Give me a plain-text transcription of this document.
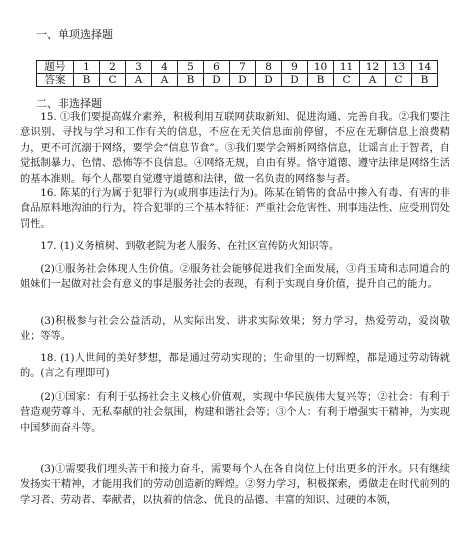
一、单项选择题
题号	1	2	3	4	5	6	7	8	9	10	11	12	13	14
答案	B	C	A	A	B	D	D	D	D	B	C	A	C	B
二、非选择题

15. ①我们要提高媒介素养，积极利用互联网获取新知、促进沟通、完善自我。②我们要注意识别、寻找与学习和工作有关的信息，不应在无关信息面前停留，不应在无聊信息上浪费精力，更不可沉溺于网络，要学会“信息节食”。③我们要学会辨析网络信息，让谣言止于智者，自觉抵制暴力、色情、恐怖等不良信息。④网络无规，自由有界。恪守道德、遵守法律是网络生活的基本准则。每个人都要自觉遵守道德和法律，做一名负责的网络参与者。

16. 陈某的行为属于犯罪行为(或刑事违法行为)。陈某在销售的食品中掺入有毒、有害的非食品原料地沟油的行为，符合犯罪的三个基本特征：严重社会危害性、刑事违法性、应受刑罚处罚性。

17. (1)义务植树、到敬老院为老人服务、在社区宣传防火知识等。

(2)①服务社会体现人生价值。②服务社会能够促进我们全面发展，③肖玉琦和志同道合的姐妹们一起做对社会有意义的事是服务社会的表现，有利于实现自身价值，提升自己的能力。

(3)积极参与社会公益活动，从实际出发、讲求实际效果；努力学习，热爱劳动，爱岗敬业；等等。

18. (1)人世间的美好梦想，都是通过劳动实现的；生命里的一切辉煌，都是通过劳动铸就的。(言之有理即可)

(2)①国家：有利于弘扬社会主义核心价值观，实现中华民族伟大复兴等；②社会：有利于营造观劳尊斗、无私奉献的社会氛围，构建和谐社会等；③个人：有利于增强实干精神，为实现中国梦而奋斗等。

(3)①需要我们埋头苦干和接力奋斗，需要每个人在各自岗位上付出更多的汗水。只有继续发扬实干精神，才能用我们的劳动创造新的辉煌。②努力学习，积极探索，勇做走在时代前列的学习者、劳动者、奉献者，以执着的信念、优良的品德、丰富的知识、过硬的本领，
